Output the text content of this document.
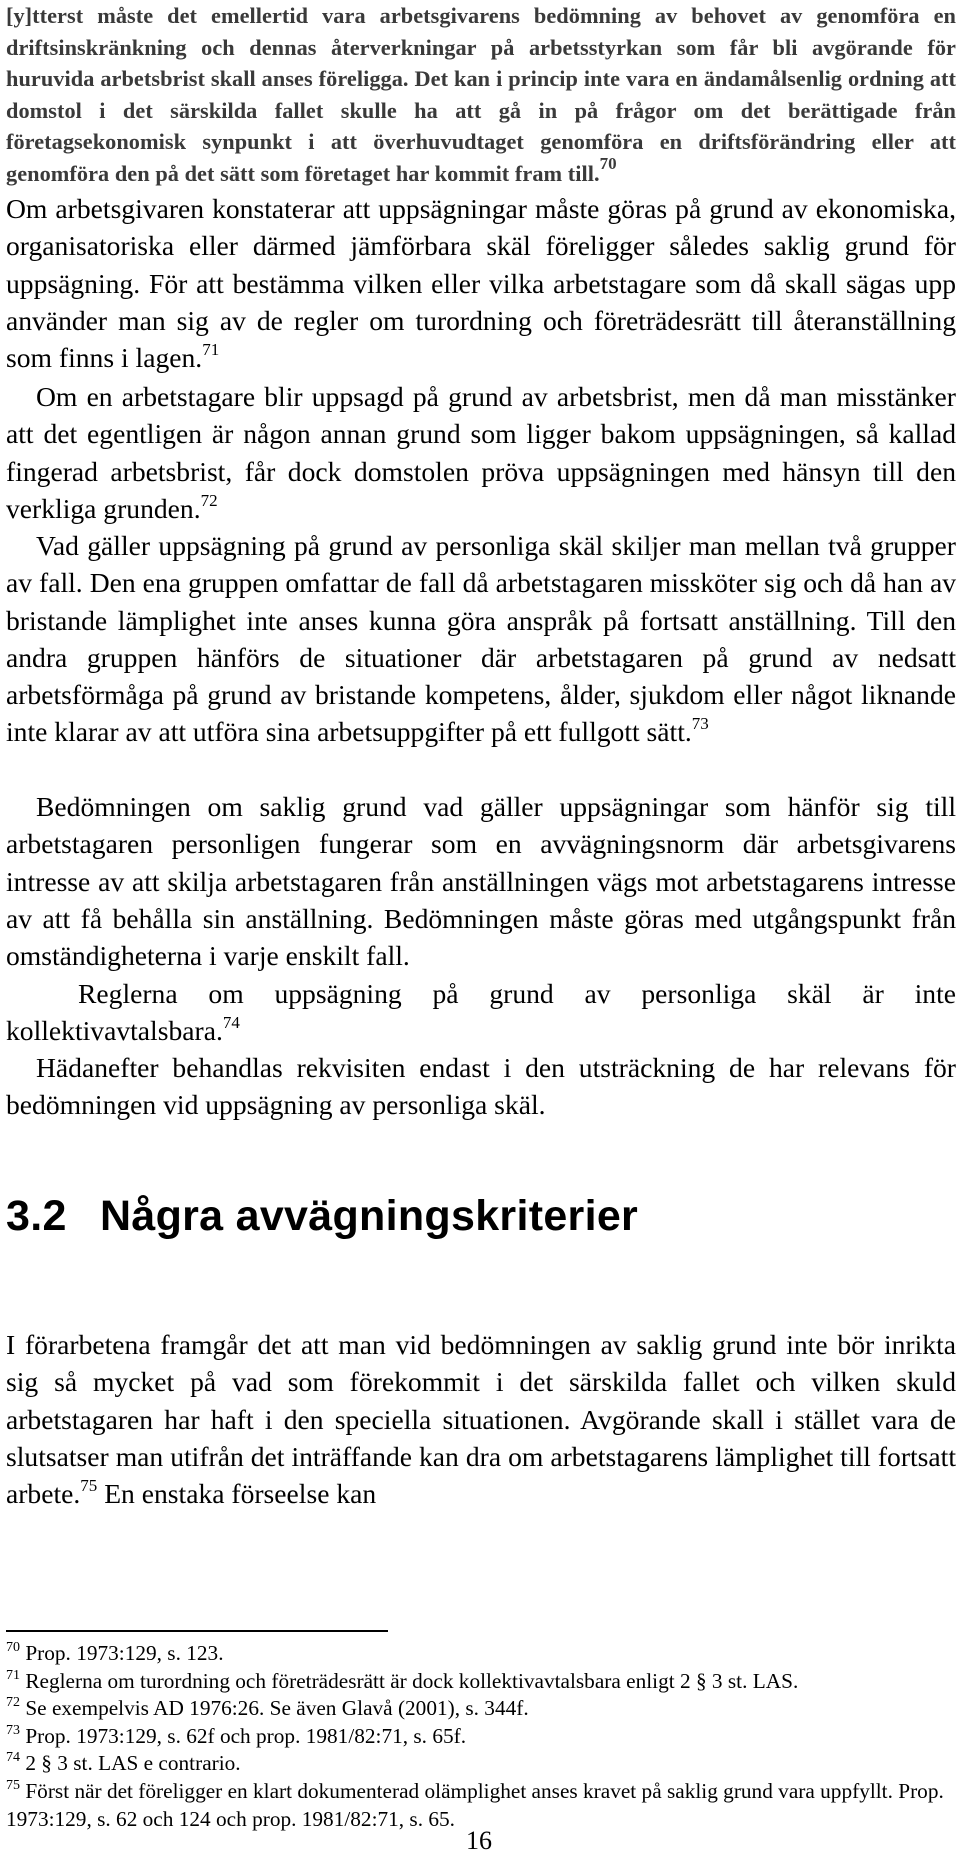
[y]tterst måste det emellertid vara arbetsgivarens bedömning av behovet av genomföra en driftsinskränkning och dennas återverkningar på arbetsstyrkan som får bli avgörande för huruvida arbetsbrist skall anses föreligga. Det kan i princip inte vara en ändamålsenlig ordning att domstol i det särskilda fallet skulle ha att gå in på frågor om det berättigade från företagsekonomisk synpunkt i att överhuvudtaget genomföra en driftsförändring eller att genomföra den på det sätt som företaget har kommit fram till.$^{70}$
Om arbetsgivaren konstaterar att uppsägningar måste göras på grund av ekonomiska, organisatoriska eller därmed jämförbara skäl föreligger således saklig grund för uppsägning. För att bestämma vilken eller vilka arbetstagare som då skall sägas upp använder man sig av de regler om turordning och företrädesrätt till återanställning som finns i lagen.$^{71}$
Om en arbetstagare blir uppsagd på grund av arbetsbrist, men då man misstänker att det egentligen är någon annan grund som ligger bakom uppsägningen, så kallad fingerad arbetsbrist, får dock domstolen pröva uppsägningen med hänsyn till den verkliga grunden.$^{72}$
Vad gäller uppsägning på grund av personliga skäl skiljer man mellan två grupper av fall. Den ena gruppen omfattar de fall då arbetstagaren missköter sig och då han av bristande lämplighet inte anses kunna göra anspråk på fortsatt anställning. Till den andra gruppen hänförs de situationer där arbetstagaren på grund av nedsatt arbetsförmåga på grund av bristande kompetens, ålder, sjukdom eller något liknande inte klarar av att utföra sina arbetsuppgifter på ett fullgott sätt.$^{73}$
Bedömningen om saklig grund vad gäller uppsägningar som hänför sig till arbetstagaren personligen fungerar som en avvägningsnorm där arbetsgivarens intresse av att skilja arbetstagaren från anställningen vägs mot arbetstagarens intresse av att få behålla sin anställning. Bedömningen måste göras med utgångspunkt från omständigheterna i varje enskilt fall.
Reglerna om uppsägning på grund av personliga skäl är inte kollektivavtalsbara.$^{74}$
Hädanefter behandlas rekvisiten endast i den utsträckning de har relevans för bedömningen vid uppsägning av personliga skäl.
3.2 Några avvägningskriterier
I förarbetena framgår det att man vid bedömningen av saklig grund inte bör inrikta sig så mycket på vad som förekommit i det särskilda fallet och vilken skuld arbetstagaren har haft i den speciella situationen. Avgörande skall i stället vara de slutsatser man utifrån det inträffande kan dra om arbetstagarens lämplighet till fortsatt arbete.$^{75}$ En enstaka förseelse kan
$^{70}$ Prop. 1973:129, s. 123.
$^{71}$ Reglerna om turordning och företrädesrätt är dock kollektivavtalsbara enligt 2 § 3 st. LAS.
$^{72}$ Se exempelvis AD 1976:26. Se även Glavå (2001), s. 344f.
$^{73}$ Prop. 1973:129, s. 62f och prop. 1981/82:71, s. 65f.
$^{74}$ 2 § 3 st. LAS e contrario.
$^{75}$ Först när det föreligger en klart dokumenterad olämplighet anses kravet på saklig grund vara uppfyllt. Prop. 1973:129, s. 62 och 124 och prop. 1981/82:71, s. 65.
16
